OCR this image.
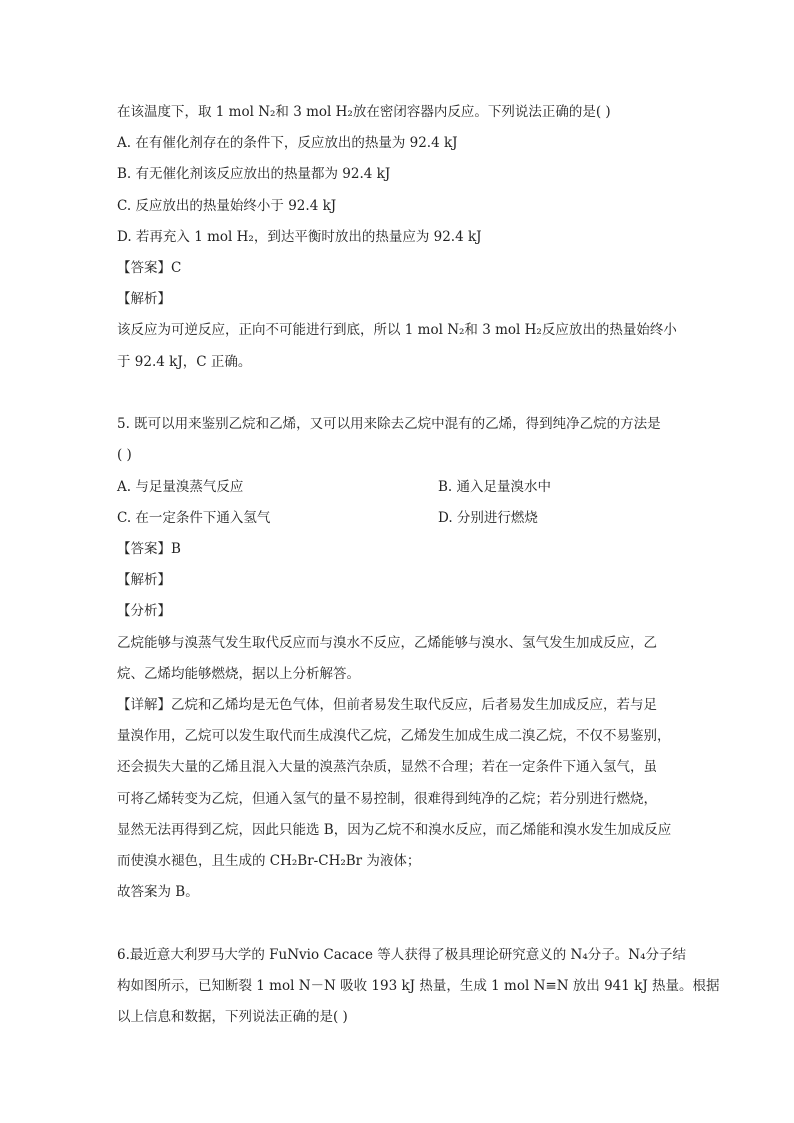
在该温度下，取 1 mol N₂和 3 mol H₂放在密闭容器内反应。下列说法正确的是( )
A. 在有催化剂存在的条件下，反应放出的热量为 92.4 kJ
B. 有无催化剂该反应放出的热量都为 92.4 kJ
C. 反应放出的热量始终小于 92.4 kJ
D. 若再充入 1 mol H₂，到达平衡时放出的热量应为 92.4 kJ
【答案】C
【解析】
该反应为可逆反应，正向不可能进行到底，所以 1 mol N₂和 3 mol H₂反应放出的热量始终小
于 92.4 kJ，C 正确。
5. 既可以用来鉴别乙烷和乙烯，又可以用来除去乙烷中混有的乙烯，得到纯净乙烷的方法是
( )
A. 与足量溴蒸气反应	B. 通入足量溴水中
C. 在一定条件下通入氢气	D. 分别进行燃烧
【答案】B
【解析】
【分析】
乙烷能够与溴蒸气发生取代反应而与溴水不反应，乙烯能够与溴水、氢气发生加成反应，乙
烷、乙烯均能够燃烧，据以上分析解答。
【详解】乙烷和乙烯均是无色气体，但前者易发生取代反应，后者易发生加成反应，若与足
量溴作用，乙烷可以发生取代而生成溴代乙烷，乙烯发生加成生成二溴乙烷，不仅不易鉴别，
还会损失大量的乙烯且混入大量的溴蒸汽杂质，显然不合理；若在一定条件下通入氢气，虽
可将乙烯转变为乙烷，但通入氢气的量不易控制，很难得到纯净的乙烷；若分别进行燃烧，
显然无法再得到乙烷，因此只能选 B，因为乙烷不和溴水反应，而乙烯能和溴水发生加成反应
而使溴水褪色，且生成的 CH₂Br-CH₂Br 为液体；
故答案为 B。
6.最近意大利罗马大学的 FuNvio Cacace 等人获得了极具理论研究意义的 N₄分子。N₄分子结
构如图所示，已知断裂 1 mol N－N 吸收 193 kJ 热量，生成 1 mol N≡N 放出 941 kJ 热量。根据
以上信息和数据，下列说法正确的是( )
